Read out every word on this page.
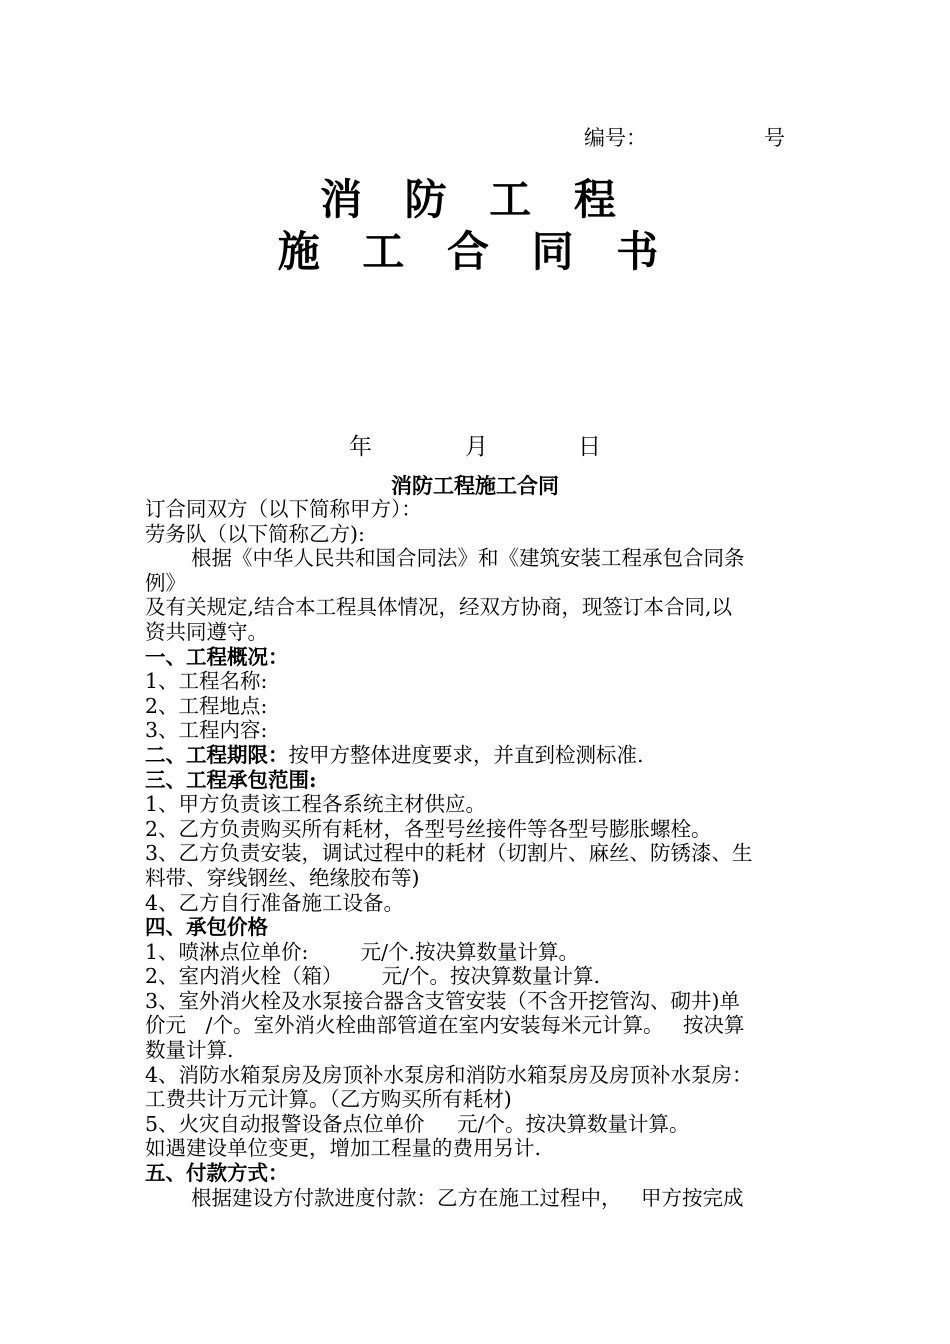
编号：	号
消 防 工 程
施 工 合 同 书
年	月	日
消防工程施工合同
订合同双方（以下简称甲方）：
劳务队（以下简称乙方):
根据《中华人民共和国合同法》和《建筑安装工程承包合同条
例》
及有关规定,结合本工程具体情况，经双方协商，现签订本合同,以
资共同遵守。
一、工程概况：
1、工程名称:
2、工程地点:
3、工程内容:
二、工程期限：按甲方整体进度要求，并直到检测标准.
三、工程承包范围:
1、甲方负责该工程各系统主材供应。
2、乙方负责购买所有耗材，各型号丝接件等各型号膨胀螺栓。
3、乙方负责安装，调试过程中的耗材（切割片、麻丝、防锈漆、生
料带、穿线钢丝、绝缘胶布等)
4、乙方自行准备施工设备。
四、承包价格
1、喷淋点位单价:        元/个.按决算数量计算。
2、室内消火栓（箱）      元/个。按决算数量计算.
3、室外消火栓及水泵接合器含支管安装（不含开挖管沟、砌井)单
价元   /个。室外消火栓曲部管道在室内安装每米元计算。   按决算
数量计算.
4、消防水箱泵房及房顶补水泵房和消防水箱泵房及房顶补水泵房：
工费共计万元计算。（乙方购买所有耗材)
5、火灾自动报警设备点位单价     元/个。按决算数量计算。
如遇建设单位变更，增加工程量的费用另计.
五、付款方式：
根据建设方付款进度付款：乙方在施工过程中，   甲方按完成
